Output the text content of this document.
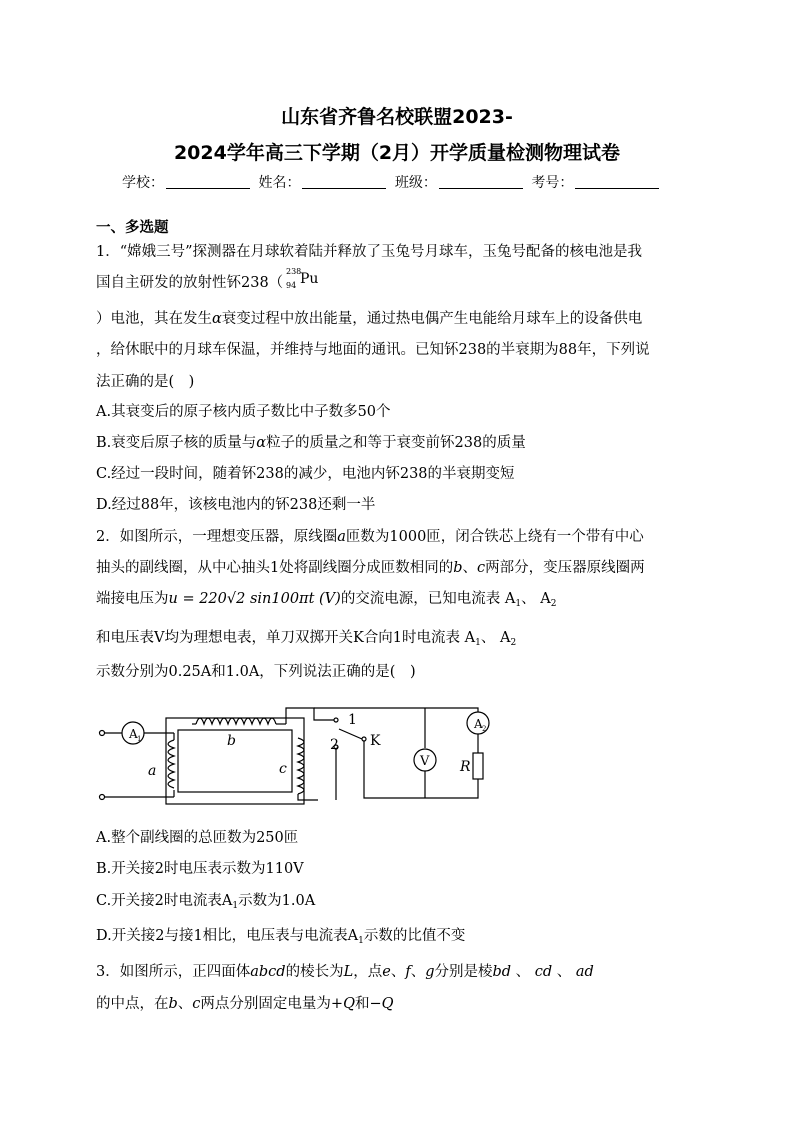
山东省齐鲁名校联盟2023-
2024学年高三下学期（2月）开学质量检测物理试卷
学校：	姓名：	班级：	考号：
一、多选题
1．“嫦娥三号”探测器在月球软着陆并释放了玉兔号月球车，玉兔号配备的核电池是我
国自主研发的放射性钚238（
238
94 Pu
）电池，其在发生α衰变过程中放出能量，通过热电偶产生电能给月球车上的设备供电
，给休眠中的月球车保温，并维持与地面的通讯。已知钚238的半衰期为88年，下列说
法正确的是(　)
A.其衰变后的原子核内质子数比中子数多50个
B.衰变后原子核的质量与α粒子的质量之和等于衰变前钚238的质量
C.经过一段时间，随着钚238的减少，电池内钚238的半衰期变短
D.经过88年，该核电池内的钚238还剩一半
2．如图所示，一理想变压器，原线圈a匝数为1000匝，闭合铁芯上绕有一个带有中心
抽头的副线圈，从中心抽头1处将副线圈分成匝数相同的b、c两部分，变压器原线圈两
端接电压为u = 220√2 sin100πt (V)的交流电源，已知电流表 $A_1$、 $A_2$
和电压表V均为理想电表，单刀双掷开关K合向1时电流表 $A_1$、 $A_2$
示数分别为0.25A和1.0A，下列说法正确的是(　)
A 1
a
b
c
1
2 K
V
A 2
R
A.整个副线圈的总匝数为250匝
B.开关接2时电压表示数为110V
C.开关接2时电流表$A_1$示数为1.0A
D.开关接2与接1相比，电压表与电流表$A_1$示数的比值不变
3．如图所示，正四面体abcd的棱长为L，点e、f、g分别是棱bd 、 cd 、 ad
的中点，在b、c两点分别固定电量为+Q和−Q
